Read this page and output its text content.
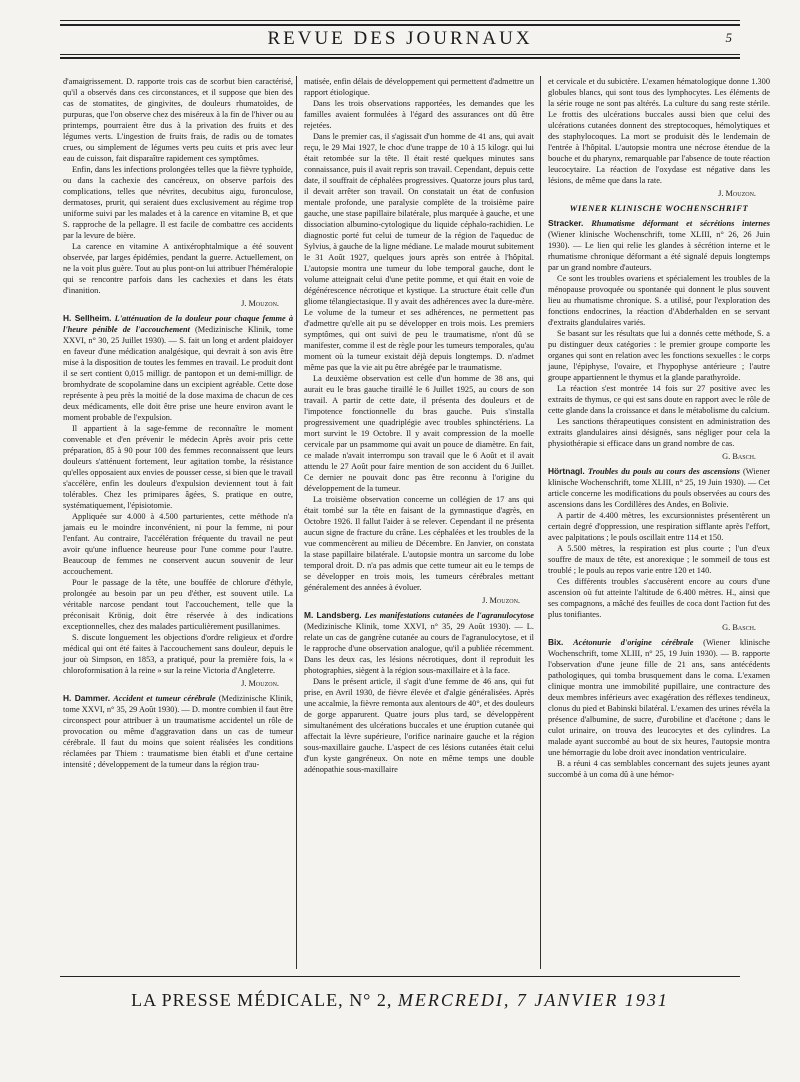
REVUE DES JOURNAUX	5

d'amaigrissement. D. rapporte trois cas de scorbut bien caractérisé, qu'il a observés dans ces circonstances, et il suppose que bien des cas de stomatites, de gingivites, de douleurs rhumatoïdes, de purpuras, que l'on observe chez des miséreux à la fin de l'hiver ou au printemps, pourraient être dus à la privation des fruits et des légumes verts. L'ingestion de fruits frais, de radis ou de tomates crues, ou simplement de légumes verts peu cuits et pris avec leur eau de cuisson, fait disparaître rapidement ces symptômes.

Enfin, dans les infections prolongées telles que la fièvre typhoïde, ou dans la cachexie des cancéreux, on observe parfois des complications, telles que névrites, decubitus aigu, furonculose, dermatoses, prurit, qui seraient dues exclusivement au régime trop uniforme suivi par les malades et à la carence en vitamine B, et que S. rapproche de la pellagre. Il est facile de combattre ces accidents par la levure de bière.

La carence en vitamine A antixérophtalmique a été souvent observée, par larges épidémies, pendant la guerre. Actuellement, on ne la voit plus guère. Tout au plus pont-on lui attribuer l'héméralopie qui se rencontre parfois dans les cachexies et dans les états d'inanition.

J. Mouzon.

H. Sellheim. L'atténuation de la douleur pour chaque femme à l'heure pénible de l'accouchement (Medizinische Klinik, tome XXVI, n° 30, 25 Juillet 1930). — S. fait un long et ardent plaidoyer en faveur d'une médication analgésique, qui devrait à son avis être mise à la disposition de toutes les femmes en travail. Le produit dont il se sert contient 0,015 milligr. de pantopon et un demi-milligr. de bromhydrate de scopolamine dans un excipient agréable. Cette dose représente à peu près la moitié de la dose maxima de chacun de ces deux médicaments, elle doit être prise une heure environ avant le moment probable de l'expulsion.

Il appartient à la sage-femme de reconnaître le moment convenable et d'en prévenir le médecin Après avoir pris cette préparation, 85 à 90 pour 100 des femmes reconnaissent que leurs douleurs s'atténuent fortement, leur agitation tombe, la résistance qu'elles opposaient aux envies de pousser cesse, si bien que le travail s'accélère, enfin les douleurs d'expulsion deviennent tout à fait tolérables. Chez les primipares âgées, S. pratique en outre, systématiquement, l'épisiotomie.

Appliquée sur 4.000 à 4.500 parturientes, cette méthode n'a jamais eu le moindre inconvénient, ni pour la femme, ni pour l'enfant. Au contraire, l'accélération fréquente du travail ne peut avoir qu'une influence heureuse pour l'une comme pour l'autre. Beaucoup de femmes ne conservent aucun souvenir de leur accouchement.

Pour le passage de la tête, une bouffée de chlorure d'éthyle, prolongée au besoin par un peu d'éther, est souvent utile. La véritable narcose pendant tout l'accouchement, telle que la préconisait Krönig, doit être réservée à des indications exceptionnelles, chez des malades particulièrement pusillanimes.

S. discute longuement les objections d'ordre religieux et d'ordre médical qui ont été faites à l'accouchement sans douleur, depuis le jour où Simpson, en 1853, a pratiqué, pour la première fois, la « chloroformisation à la reine » sur la reine Victoria d'Angleterre.

J. Mouzon.

H. Dammer. Accident et tumeur cérébrale (Medizinische Klinik, tome XXVI, n° 35, 29 Août 1930). — D. montre combien il faut être circonspect pour attribuer à un traumatisme accidentel un rôle de provocation ou même d'aggravation dans un cas de tumeur cérébrale. Il faut du moins que soient réalisées les conditions réclamées par Thiem : traumatisme bien établi et d'une certaine intensité ; développement de la tumeur dans la région trau-

matisée, enfin délais de développement qui permettent d'admettre un rapport étiologique.

Dans les trois observations rapportées, les demandes que les familles avaient formulées à l'égard des assurances ont dû être rejetées.

Dans le premier cas, il s'agissait d'un homme de 41 ans, qui avait reçu, le 29 Mai 1927, le choc d'une trappe de 10 à 15 kilogr. qui lui était retombée sur la tête. Il était resté quelques minutes sans connaissance, puis il avait repris son travail. Cependant, depuis cette date, il souffrait de céphalées progressives. Quatorze jours plus tard, il devait arrêter son travail. On constatait un état de confusion mentale profonde, une paralysie complète de la troisième paire gauche, une stase papillaire bilatérale, plus marquée à gauche, et une dissociation albumino-cytologique du liquide céphalo-rachidien. Le diagnostic porté fut celui de tumeur de la région de l'aqueduc de Sylvius, à gauche de la ligne médiane. Le malade mourut subitement le 31 Août 1927, quelques jours après son entrée à l'hôpital. L'autopsie montra une tumeur du lobe temporal gauche, dont le volume atteignait celui d'une petite pomme, et qui était en voie de dégénérescence nécrotique et kystique. La structure était celle d'un gliome télangiectasique. Il y avait des adhérences avec la dure-mère. Le volume de la tumeur et ses adhérences, ne permettent pas d'admettre qu'elle ait pu se développer en trois mois. Les premiers symptômes, qui ont suivi de peu le traumatisme, n'ont dû se manifester, comme il est de règle pour les tumeurs temporales, qu'au moment où la tumeur existait déjà depuis longtemps. D. n'admet même pas que la vie ait pu être abrégée par le traumatisme.

La deuxième observation est celle d'un homme de 38 ans, qui aurait eu le bras gauche tiraillé le 6 Juillet 1925, au cours de son travail. A partir de cette date, il présenta des douleurs et de l'impotence fonctionnelle du bras gauche. Puis s'installa progressivement une quadriplégie avec troubles sphinctériens. La mort survint le 19 Octobre. Il y avait compression de la moelle cervicale par un psammome qui avait un pouce de diamètre. En fait, ce malade n'avait interrompu son travail que le 6 Août et il avait attendu le 27 Août pour faire mention de son accident du 6 Juillet. Ce dernier ne pouvait donc pas être reconnu à l'origine du développement de la tumeur.

La troisième observation concerne un collégien de 17 ans qui était tombé sur la tête en faisant de la gymnastique d'agrès, en Octobre 1926. Il fallut l'aider à se relever. Cependant il ne présenta aucun signe de fracture du crâne. Les céphalées et les troubles de la vue commencèrent au milieu de Décembre. En Janvier, on constata la stase papillaire bilatérale. L'autopsie montra un sarcome du lobe temporal droit. D. n'a pas admis que cette tumeur ait eu le temps de se développer en trois mois, les tumeurs cérébrales mettant généralement des années à évoluer.

J. Mouzon.

M. Landsberg. Les manifestations cutanées de l'agranulocytose (Medizinische Klinik, tome XXVI, n° 35, 29 Août 1930). — L. relate un cas de gangrène cutanée au cours de l'agranulocytose, et il le rapproche d'une observation analogue, qu'il a publiée récemment. Dans les deux cas, les lésions nécrotiques, dont il reproduit les photographies, siègent à la région sous-maxillaire et à la face.

Dans le présent article, il s'agit d'une femme de 46 ans, qui fut prise, en Avril 1930, de fièvre élevée et d'algie généralisées. Après une accalmie, la fièvre remonta aux alentours de 40°, et des douleurs de gorge apparurent. Quatre jours plus tard, se développèrent simultanément des ulcérations buccales et une éruption cutanée qui affectait la lèvre supérieure, l'orifice narinaire gauche et la région sous-maxillaire gauche. L'aspect de ces lésions cutanées était celui d'un kyste gangréneux. On note en même temps une double adénopathie sous-maxillaire

et cervicale et du subictère. L'examen hématologique donne 1.300 globules blancs, qui sont tous des lymphocytes. Les éléments de la série rouge ne sont pas altérés. La culture du sang reste stérile. Le frottis des ulcérations buccales aussi bien que celui des ulcérations cutanées donnent des streptocoques, hémolytiques et des staphylocoques. La mort se produisit dès le lendemain de l'entrée à l'hôpital. L'autopsie montra une nécrose étendue de la bouche et du pharynx, remarquable par l'absence de toute réaction leucocytaire. La réaction de l'oxydase est négative dans les lésions, de même que dans la rate.

J. Mouzon.

WIENER KLINISCHE WOCHENSCHRIFT

Stracker. Rhumatisme déformant et sécrétions internes (Wiener klinische Wochenschrift, tome XLIII, n° 26, 26 Juin 1930). — Le lien qui relie les glandes à sécrétion interne et le rhumatisme chronique déformant a été signalé depuis longtemps par un grand nombre d'auteurs.

Ce sont les troubles ovariens et spécialement les troubles de la ménopause provoquée ou spontanée qui donnent le plus souvent lieu au rhumatisme chronique. S. a utilisé, pour l'exploration des fonctions endocrines, la réaction d'Abderhalden en se servant d'extraits glandulaires variés.

Se basant sur les résultats que lui a donnés cette méthode, S. a pu distinguer deux catégories : le premier groupe comporte les organes qui sont en relation avec les fonctions sexuelles : le corps jaune, l'épiphyse, l'ovaire, et l'hypophyse antérieure ; l'autre groupe appartiennent le thymus et la glande parathyroïde.

La réaction s'est montrée 14 fois sur 27 positive avec les extraits de thymus, ce qui est sans doute en rapport avec le rôle de cette glande dans la croissance et dans le métabolisme du calcium.

Les sanctions thérapeutiques consistent en administration des extraits glandulaires ainsi désignés, sans négliger pour cela la physiothérapie si efficace dans un grand nombre de cas.

G. Basch.

Hörtnagl. Troubles du pouls au cours des ascensions (Wiener klinische Wochenschrift, tome XLIII, n° 25, 19 Juin 1930). — Cet article concerne les modifications du pouls observées au cours des ascensions dans les Cordillères des Andes, en Bolivie.

A partir de 4.400 mètres, les excursionnistes présentèrent un certain degré d'oppression, une respiration sifflante après l'effort, avec palpitations ; le pouls oscillait entre 114 et 150.

A 5.500 mètres, la respiration est plus courte ; l'un d'eux souffre de maux de tête, est anorexique ; le sommeil de tous est troublé ; le pouls au repos varie entre 120 et 140.

Ces différents troubles s'accusèrent encore au cours d'une ascension où fut atteinte l'altitude de 6.400 mètres. H., ainsi que ses compagnons, a mâché des feuilles de coca dont l'action fut des plus tonifiantes.

G. Basch.

Bix. Acétonurie d'origine cérébrale (Wiener klinische Wochenschrift, tome XLIII, n° 25, 19 Juin 1930). — B. rapporte l'observation d'une jeune fille de 21 ans, sans antécédents pathologiques, qui tomba brusquement dans le coma. L'examen clinique montra une immobilité pupillaire, une contracture des deux membres inférieurs avec exagération des réflexes tendineux, clonus du pied et Babinski bilatéral. L'examen des urines révéla la présence d'albumine, de sucre, d'urobiline et d'acétone ; dans le culot urinaire, on trouva des leucocytes et des cylindres. La malade ayant succombé au bout de six heures, l'autopsie montra une hémorragie du lobe droit avec inondation ventriculaire.

B. a réuni 4 cas semblables concernant des sujets jeunes ayant succombé à un coma dû à une hémor-

LA PRESSE MÉDICALE, N° 2, MERCREDI, 7 JANVIER 1931
